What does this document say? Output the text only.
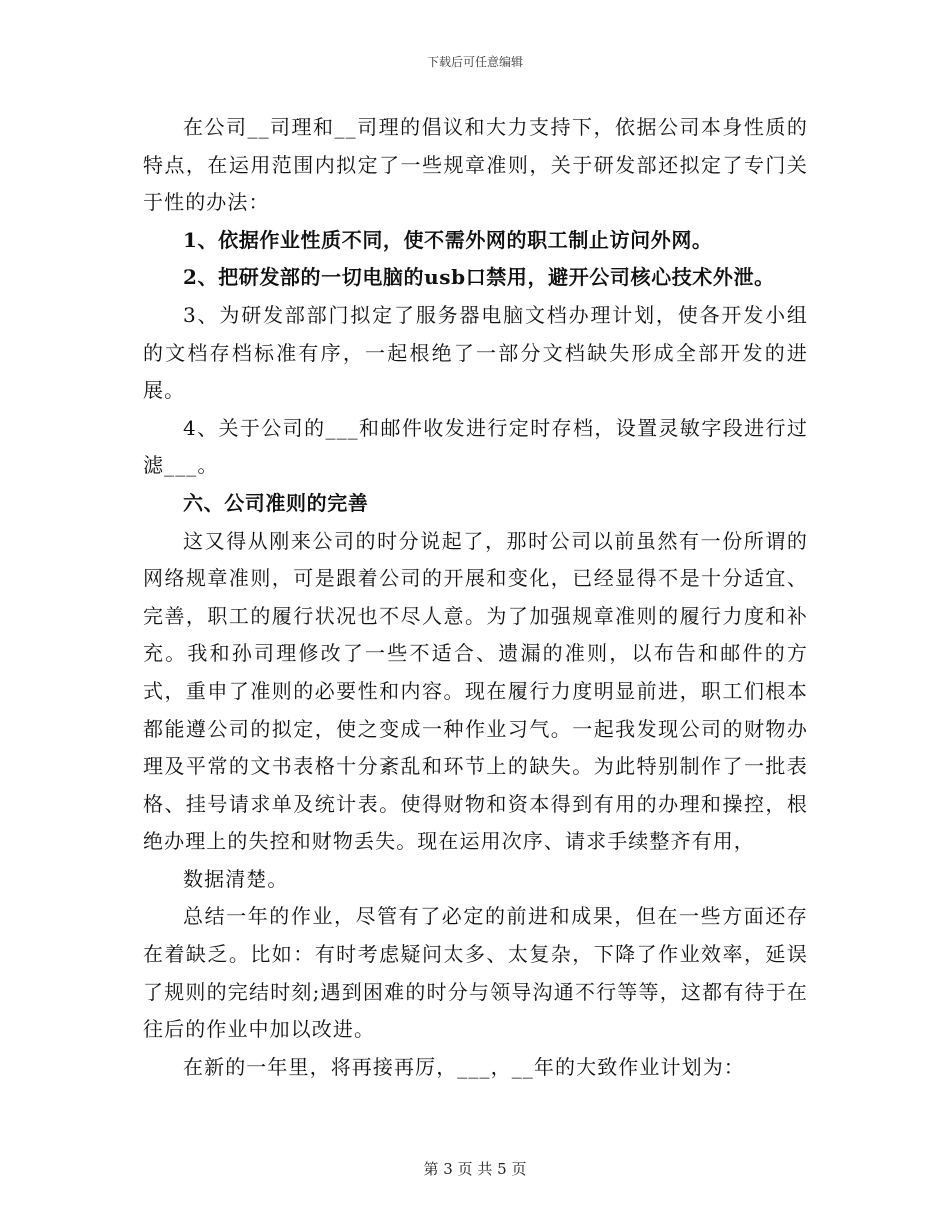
下载后可任意编辑

在公司__司理和__司理的倡议和大力支持下，依据公司本身性质的特点，在运用范围内拟定了一些规章准则，关于研发部还拟定了专门关于性的办法：

1、依据作业性质不同，使不需外网的职工制止访问外网。

2、把研发部的一切电脑的usb口禁用，避开公司核心技术外泄。

3、为研发部部门拟定了服务器电脑文档办理计划，使各开发小组的文档存档标准有序，一起根绝了一部分文档缺失形成全部开发的进展。

4、关于公司的___和邮件收发进行定时存档，设置灵敏字段进行过滤___。

六、公司准则的完善

这又得从刚来公司的时分说起了，那时公司以前虽然有一份所谓的网络规章准则，可是跟着公司的开展和变化，已经显得不是十分适宜、完善，职工的履行状况也不尽人意。为了加强规章准则的履行力度和补充。我和孙司理修改了一些不适合、遗漏的准则，以布告和邮件的方式，重申了准则的必要性和内容。现在履行力度明显前进，职工们根本都能遵公司的拟定，使之变成一种作业习气。一起我发现公司的财物办理及平常的文书表格十分紊乱和环节上的缺失。为此特别制作了一批表格、挂号请求单及统计表。使得财物和资本得到有用的办理和操控，根绝办理上的失控和财物丢失。现在运用次序、请求手续整齐有用，

数据清楚。

总结一年的作业，尽管有了必定的前进和成果，但在一些方面还存在着缺乏。比如：有时考虑疑问太多、太复杂，下降了作业效率，延误了规则的完结时刻;遇到困难的时分与领导沟通不行等等，这都有待于在往后的作业中加以改进。

在新的一年里，将再接再厉，___，__年的大致作业计划为：

第 3 页 共 5 页
